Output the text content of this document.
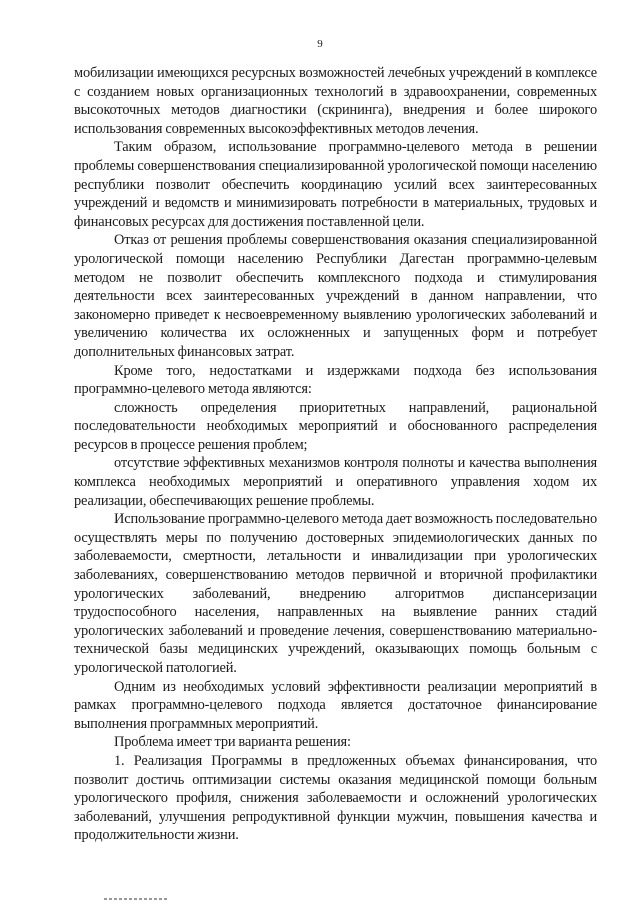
9

мобилизации имеющихся ресурсных возможностей лечебных учреждений в комплексе с созданием новых организационных технологий в здравоохранении, современных высокоточных методов диагностики (скрининга), внедрения и более широкого использования современных высокоэффективных методов лечения.

Таким образом, использование программно-целевого метода в решении проблемы совершенствования специализированной урологической помощи населению республики позволит обеспечить координацию усилий всех заинтересованных учреждений и ведомств и минимизировать потребности в материальных, трудовых и финансовых ресурсах для достижения поставленной цели.

Отказ от решения проблемы совершенствования оказания специализированной урологической помощи населению Республики Дагестан программно-целевым методом не позволит обеспечить комплексного подхода и стимулирования деятельности всех заинтересованных учреждений в данном направлении, что закономерно приведет к несвоевременному выявлению урологических заболеваний и увеличению количества их осложненных и запущенных форм и потребует дополнительных финансовых затрат.

Кроме того, недостатками и издержками подхода без использования программно-целевого метода являются:

сложность определения приоритетных направлений, рациональной последовательности необходимых мероприятий и обоснованного распределения ресурсов в процессе решения проблем;

отсутствие эффективных механизмов контроля полноты и качества выполнения комплекса необходимых мероприятий и оперативного управления ходом их реализации, обеспечивающих решение проблемы.

Использование программно-целевого метода дает возможность последовательно осуществлять меры по получению достоверных эпидемиологических данных по заболеваемости, смертности, летальности и инвалидизации при урологических заболеваниях, совершенствованию методов первичной и вторичной профилактики урологических заболеваний, внедрению алгоритмов диспансеризации трудоспособного населения, направленных на выявление ранних стадий урологических заболеваний и проведение лечения, совершенствованию материально-технической базы медицинских учреждений, оказывающих помощь больным с урологической патологией.

Одним из необходимых условий эффективности реализации мероприятий в рамках программно-целевого подхода является достаточное финансирование выполнения программных мероприятий.

Проблема имеет три варианта решения:

1. Реализация Программы в предложенных объемах финансирования, что позволит достичь оптимизации системы оказания медицинской помощи больным урологического профиля, снижения заболеваемости и осложнений урологических заболеваний, улучшения репродуктивной функции мужчин, повышения качества и продолжительности жизни.
